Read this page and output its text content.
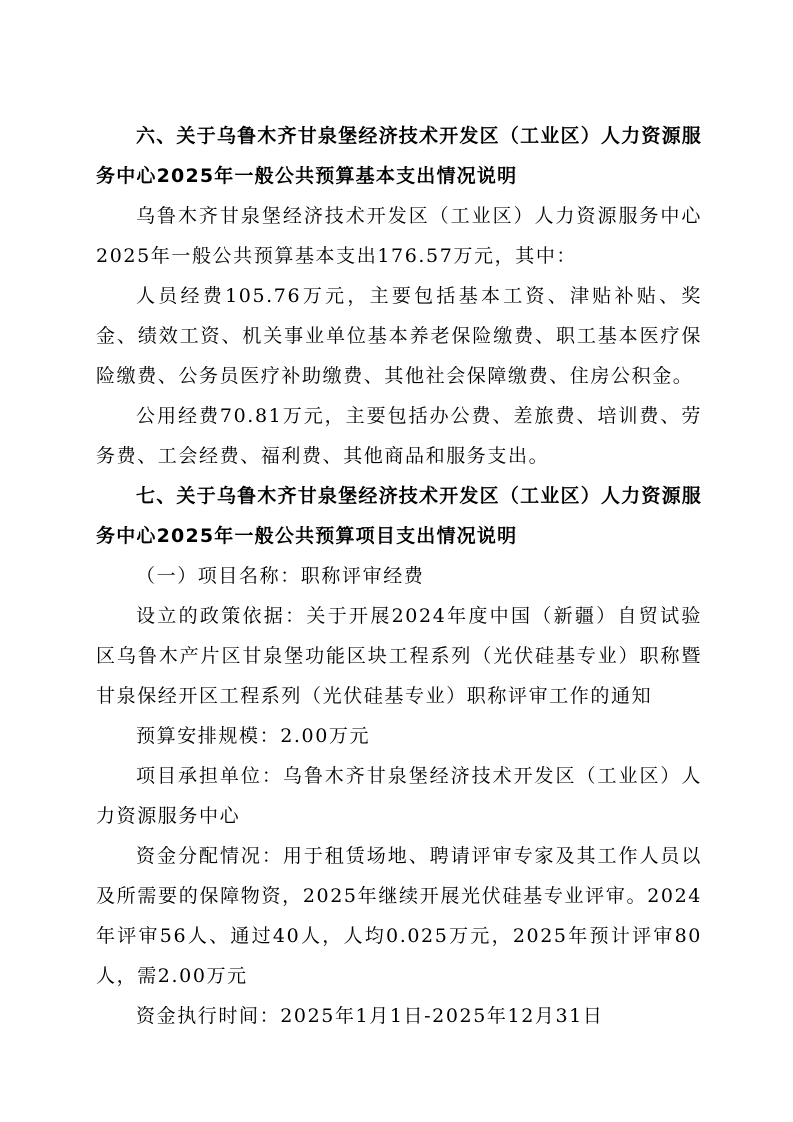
六、关于乌鲁木齐甘泉堡经济技术开发区（工业区）人力资源服务中心2025年一般公共预算基本支出情况说明

乌鲁木齐甘泉堡经济技术开发区（工业区）人力资源服务中心2025年一般公共预算基本支出176.57万元，其中：

人员经费105.76万元，主要包括基本工资、津贴补贴、奖金、绩效工资、机关事业单位基本养老保险缴费、职工基本医疗保险缴费、公务员医疗补助缴费、其他社会保障缴费、住房公积金。

公用经费70.81万元，主要包括办公费、差旅费、培训费、劳务费、工会经费、福利费、其他商品和服务支出。

七、关于乌鲁木齐甘泉堡经济技术开发区（工业区）人力资源服务中心2025年一般公共预算项目支出情况说明

（一）项目名称：职称评审经费

设立的政策依据：关于开展2024年度中国（新疆）自贸试验区乌鲁木产片区甘泉堡功能区块工程系列（光伏硅基专业）职称暨甘泉保经开区工程系列（光伏硅基专业）职称评审工作的通知

预算安排规模：2.00万元

项目承担单位：乌鲁木齐甘泉堡经济技术开发区（工业区）人力资源服务中心

资金分配情况：用于租赁场地、聘请评审专家及其工作人员以及所需要的保障物资，2025年继续开展光伏硅基专业评审。2024年评审56人、通过40人，人均0.025万元，2025年预计评审80人，需2.00万元

资金执行时间：2025年1月1日-2025年12月31日
